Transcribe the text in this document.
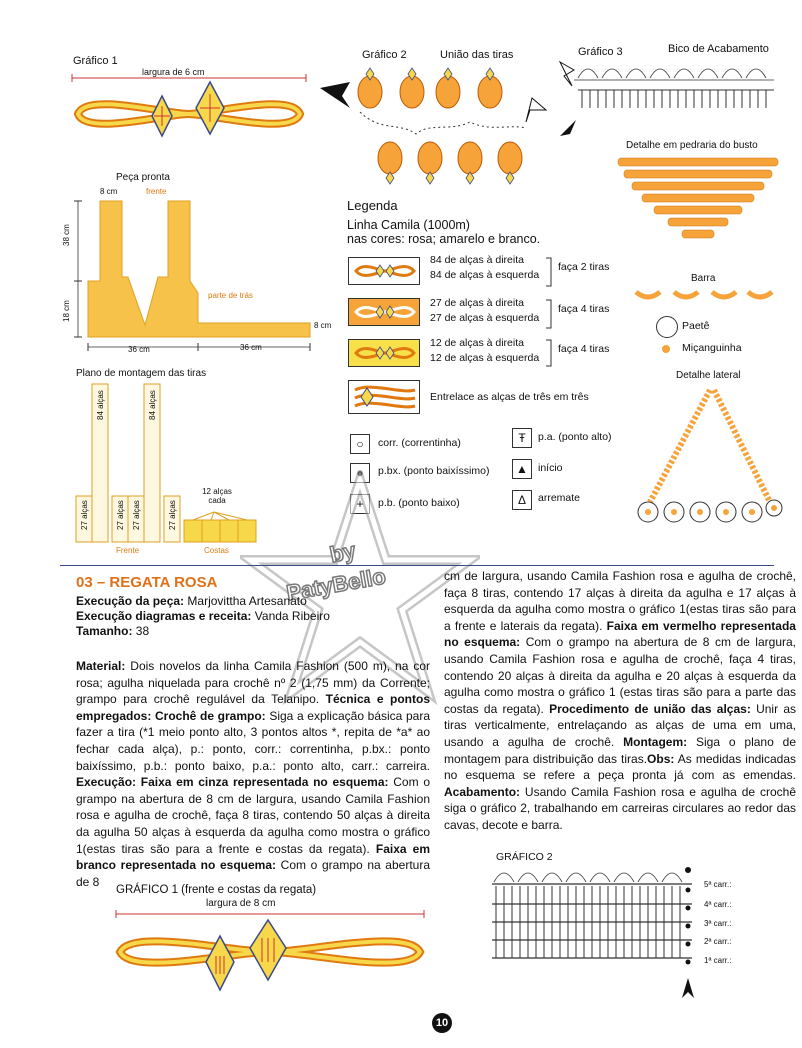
Gráfico 1
largura de 6 cm
Gráfico 2	União das tiras	Gráfico 3	Bico de Acabamento
Peça pronta
8 cm	frente
38 cm
18 cm
parte de trás
8 cm
36 cm	36 cm
Plano de montagem das tiras
84 alças	84 alças
27 alças	27 alças 27 alças	27 alças
12 alças cada
Frente	Costas
Legenda
Linha Camila (1000m)
nas cores: rosa; amarelo e branco.
84 de alças à direita
84 de alças à esquerda
faça 2 tiras
27 de alças à direita
27 de alças à esquerda
faça 4 tiras
12 de alças à direita
12 de alças à esquerda
faça 4 tiras
Entrelace as alças de três em três
○	corr. (correntinha)
●	p.bx. (ponto baixíssimo)
+	p.b. (ponto baixo)
Ŧ	p.a. (ponto alto)
▲ início
Δ	arremate
Detalhe em pedraria do busto
Barra
Paetê
Miçanguinha
Detalhe lateral
by
PatyBello
03 – REGATA ROSA
Execução da peça: Marjovittha Artesanato
Execução diagramas e receita: Vanda Ribeiro
Tamanho: 38
Material: Dois novelos da linha Camila Fashion (500 m), na cor rosa; agulha niquelada para crochê nº 2 (1,75 mm) da Corrente; grampo para crochê regulável da Telanipo. Técnica e pontos empregados: Crochê de grampo: Siga a explicação básica para fazer a tira (*1 meio ponto alto, 3 pontos altos *, repita de *a* ao fechar cada alça), p.: ponto, corr.: correntinha, p.bx.: ponto baixíssimo, p.b.: ponto baixo, p.a.: ponto alto, carr.: carreira. Execução: Faixa em cinza representada no esquema: Com o grampo na abertura de 8 cm de largura, usando Camila Fashion rosa e agulha de crochê, faça 8 tiras, contendo 50 alças à direita da agulha 50 alças à esquerda da agulha como mostra o gráfico 1(estas tiras são para a frente e costas da regata). Faixa em branco representada no esquema: Com o grampo na abertura de 8
cm de largura, usando Camila Fashion rosa e agulha de crochê, faça 8 tiras, contendo 17 alças à direita da agulha e 17 alças à esquerda da agulha como mostra o gráfico 1(estas tiras são para a frente e laterais da regata). Faixa em vermelho representada no esquema: Com o grampo na abertura de 8 cm de largura, usando Camila Fashion rosa e agulha de crochê, faça 4 tiras, contendo 20 alças à direita da agulha e 20 alças à esquerda da agulha como mostra o gráfico 1 (estas tiras são para a parte das costas da regata). Procedimento de união das alças: Unir as tiras verticalmente, entrelaçando as alças de uma em uma, usando a agulha de crochê. Montagem: Siga o plano de montagem para distribuição das tiras.Obs: As medidas indicadas no esquema se refere a peça pronta já com as emendas. Acabamento: Usando Camila Fashion rosa e agulha de crochê siga o gráfico 2, trabalhando em carreiras circulares ao redor das cavas, decote e barra.
GRÁFICO 1 (frente e costas da regata)
largura de 8 cm
GRÁFICO 2
5ª carr.:
4ª carr.:
3ª carr.:
2ª carr.:
1ª carr.:
10
